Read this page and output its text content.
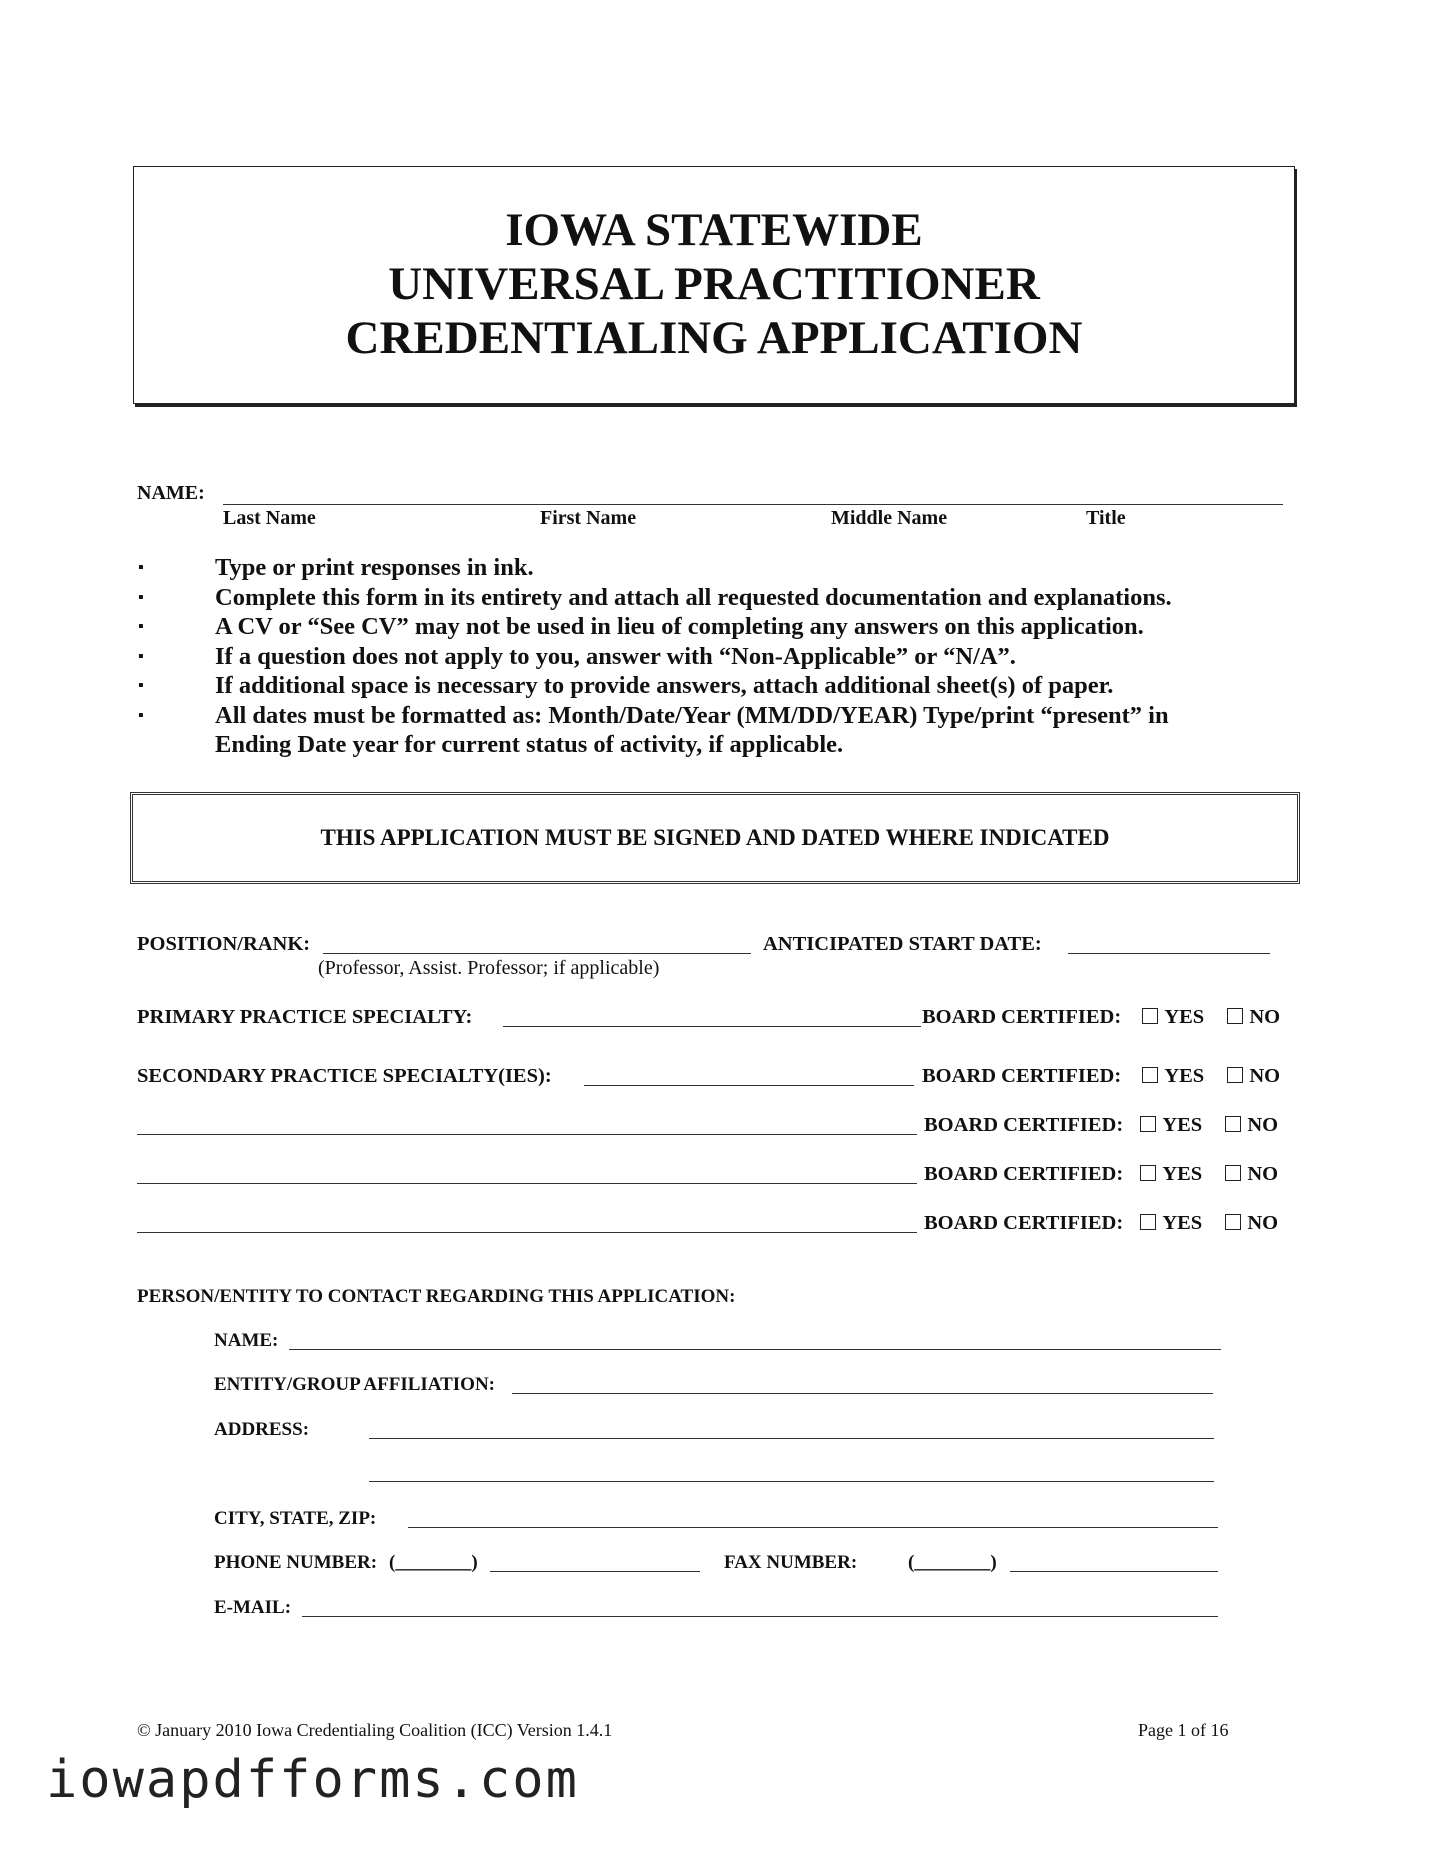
IOWA STATEWIDE
UNIVERSAL PRACTITIONER
CREDENTIALING APPLICATION
NAME:
Last Name	First Name	Middle Name	Title
▪	Type or print responses in ink.
▪	Complete this form in its entirety and attach all requested documentation and explanations.
▪	A CV or “See CV” may not be used in lieu of completing any answers on this application.
▪	If a question does not apply to you, answer with “Non-Applicable” or “N/A”.
▪	If additional space is necessary to provide answers, attach additional sheet(s) of paper.
▪	All dates must be formatted as: Month/Date/Year (MM/DD/YEAR) Type/print “present” in
Ending Date year for current status of activity, if applicable.
THIS APPLICATION MUST BE SIGNED AND DATED WHERE INDICATED
POSITION/RANK:
(Professor, Assist. Professor; if applicable)
ANTICIPATED START DATE:
PRIMARY PRACTICE SPECIALTY:	BOARD CERTIFIED: YES NO
SECONDARY PRACTICE SPECIALTY(IES):	BOARD CERTIFIED: YES NO
BOARD CERTIFIED: YES NO
BOARD CERTIFIED: YES NO
BOARD CERTIFIED: YES NO
PERSON/ENTITY TO CONTACT REGARDING THIS APPLICATION:
NAME:
ENTITY/GROUP AFFILIATION:
ADDRESS:
CITY, STATE, ZIP:
PHONE NUMBER: (________)	FAX NUMBER:	(________)
E-MAIL:
© January 2010 Iowa Credentialing Coalition (ICC) Version 1.4.1	Page 1 of 16
iowapdfforms.com
